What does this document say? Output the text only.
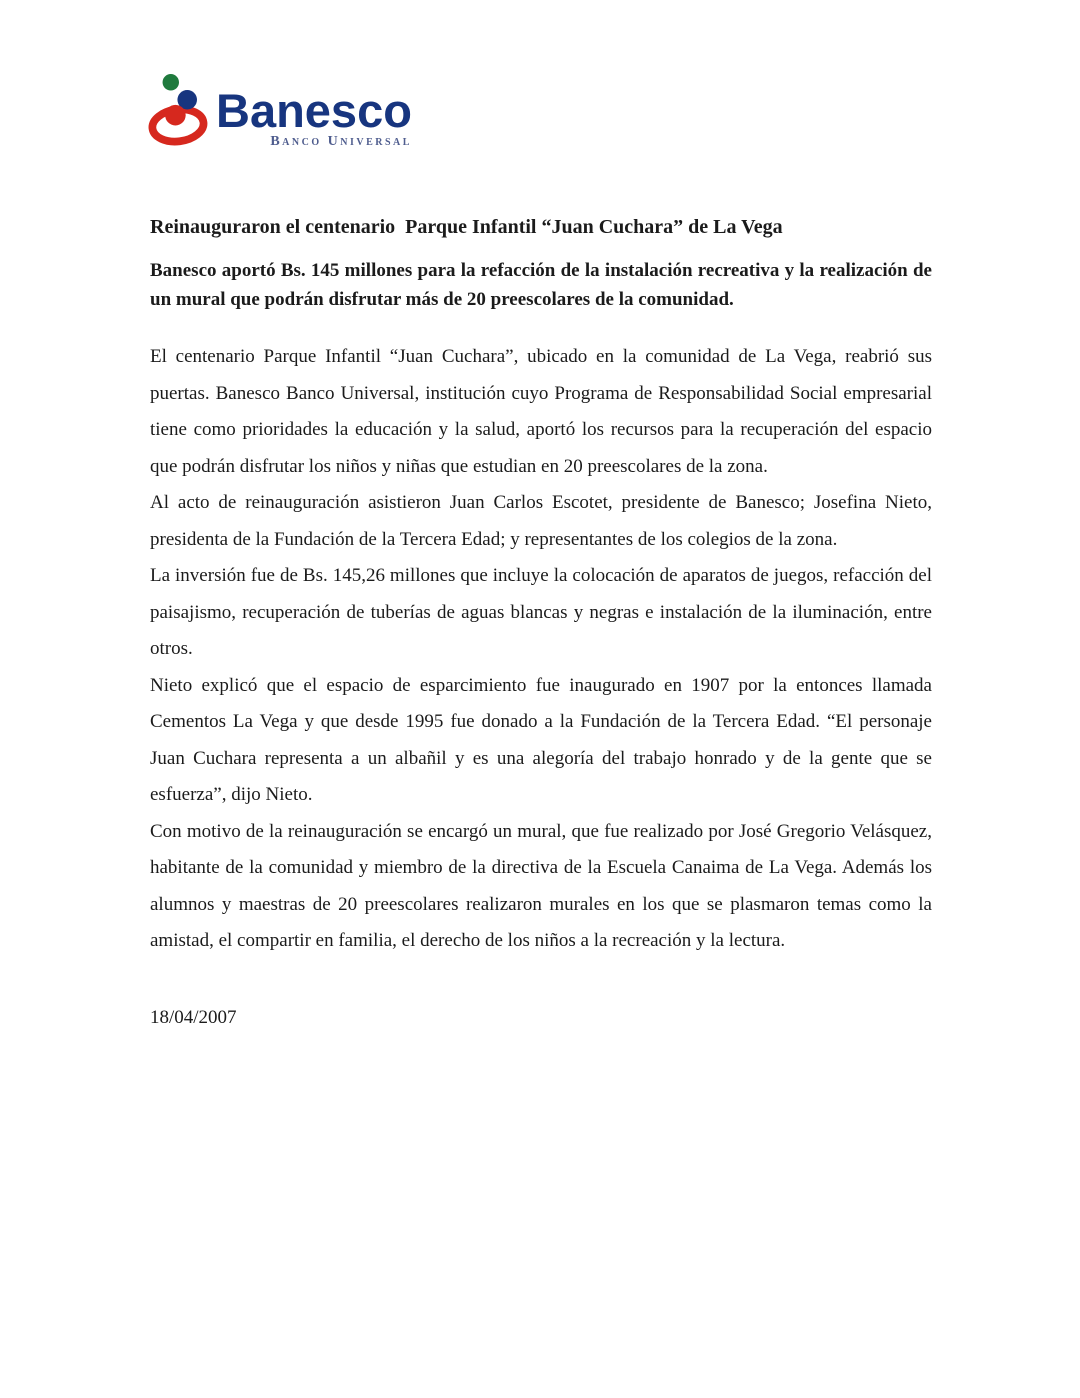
Banesco
Banco Universal
Reinauguraron el centenario  Parque Infantil “Juan Cuchara” de La Vega

Banesco aportó Bs. 145 millones para la refacción de la instalación recreativa y la realización de un mural que podrán disfrutar más de 20 preescolares de la comunidad.

El centenario Parque Infantil “Juan Cuchara”, ubicado en la comunidad de La Vega, reabrió sus puertas. Banesco Banco Universal, institución cuyo Programa de Responsabilidad Social empresarial tiene como prioridades la educación y la salud, aportó los recursos para la recuperación del espacio que podrán disfrutar los niños y niñas que estudian en 20 preescolares de la zona.

Al acto de reinauguración asistieron Juan Carlos Escotet, presidente de Banesco; Josefina Nieto, presidenta de la Fundación de la Tercera Edad; y representantes de los colegios de la zona.

La inversión fue de Bs. 145,26 millones que incluye la colocación de aparatos de juegos, refacción del paisajismo, recuperación de tuberías de aguas blancas y negras e instalación de la iluminación, entre otros.

Nieto explicó que el espacio de esparcimiento fue inaugurado en 1907 por la entonces llamada Cementos La Vega y que desde 1995 fue donado a la Fundación de la Tercera Edad. “El personaje Juan Cuchara representa a un albañil y es una alegoría del trabajo honrado y de la gente que se esfuerza”, dijo Nieto.

Con motivo de la reinauguración se encargó un mural, que fue realizado por José Gregorio Velásquez, habitante de la comunidad y miembro de la directiva de la Escuela Canaima de La Vega. Además los alumnos y maestras de 20 preescolares realizaron murales en los que se plasmaron temas como la amistad, el compartir en familia, el derecho de los niños a la recreación y la lectura.

18/04/2007
